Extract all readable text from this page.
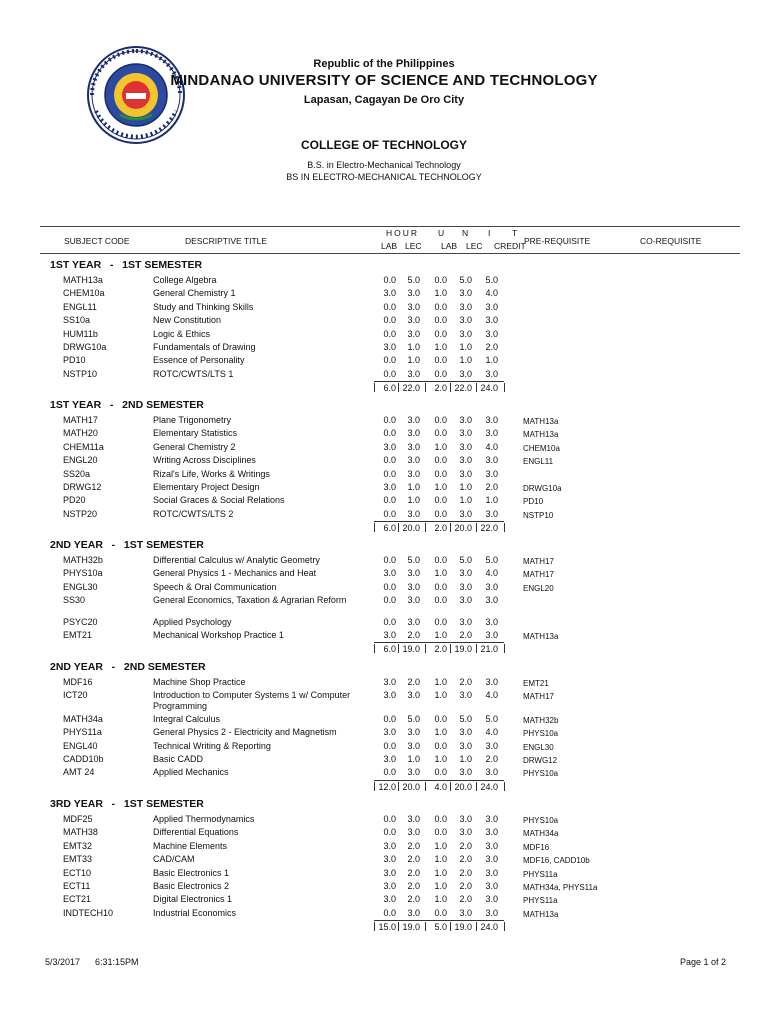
Republic of the Philippines
MINDANAO UNIVERSITY OF SCIENCE AND TECHNOLOGY
Lapasan, Cagayan De Oro City
COLLEGE OF TECHNOLOGY
B.S. in Electro-Mechanical Technology
BS IN ELECTRO-MECHANICAL TECHNOLOGY
SUBJECT CODE	DESCRIPTIVE TITLE
HOUR U N I	T
LAB LEC LAB LEC CREDIT
PRE-REQUISITE	CO-REQUISITE
1ST YEAR   -   1ST SEMESTER
MATH13a	College Algebra	0.0	5.0	0.0	5.0	5.0
CHEM10a	General Chemistry 1	3.0	3.0	1.0	3.0	4.0
ENGL11	Study and Thinking Skills	0.0	3.0	0.0	3.0	3.0
SS10a	New Constitution	0.0	3.0	0.0	3.0	3.0
HUM11b	Logic & Ethics	0.0	3.0	0.0	3.0	3.0
DRWG10a	Fundamentals of Drawing	3.0	1.0	1.0	1.0	2.0
PD10	Essence of Personality	0.0	1.0	0.0	1.0	1.0
NSTP10	ROTC/CWTS/LTS 1	0.0	3.0	0.0	3.0	3.0
6.0 22.0	2.0 22.0 24.0
1ST YEAR   -   2ND SEMESTER
MATH17	Plane Trigonometry	0.0	3.0	0.0	3.0	3.0	MATH13a
MATH20	Elementary Statistics	0.0	3.0	0.0	3.0	3.0	MATH13a
CHEM11a	General Chemistry 2	3.0	3.0	1.0	3.0	4.0	CHEM10a
ENGL20	Writing Across Disciplines	0.0	3.0	0.0	3.0	3.0	ENGL11
SS20a	Rizal's Life, Works & Writings	0.0	3.0	0.0	3.0	3.0
DRWG12	Elementary Project Design	3.0	1.0	1.0	1.0	2.0	DRWG10a
PD20	Social Graces & Social Relations	0.0	1.0	0.0	1.0	1.0	PD10
NSTP20	ROTC/CWTS/LTS 2	0.0	3.0	0.0	3.0	3.0	NSTP10
6.0 20.0	2.0 20.0 22.0
2ND YEAR   -   1ST SEMESTER
MATH32b	Differential Calculus w/ Analytic Geometry	0.0	5.0	0.0	5.0	5.0	MATH17
PHYS10a	General Physics 1 - Mechanics and Heat	3.0	3.0	1.0	3.0	4.0	MATH17
ENGL30	Speech & Oral Communication	0.0	3.0	0.0	3.0	3.0	ENGL20
SS30	General Economics, Taxation & Agrarian Reform	0.0	3.0	0.0	3.0	3.0
PSYC20	Applied Psychology	0.0	3.0	0.0	3.0	3.0
EMT21	Mechanical Workshop Practice 1	3.0	2.0	1.0	2.0	3.0	MATH13a
6.0 19.0	2.0 19.0 21.0
2ND YEAR   -   2ND SEMESTER
MDF16	Machine Shop Practice	3.0	2.0	1.0	2.0	3.0	EMT21
ICT20	Introduction to Computer Systems 1 w/ Computer Programming
3.0	3.0	1.0	3.0	4.0	MATH17
MATH34a	Integral Calculus	0.0	5.0	0.0	5.0	5.0	MATH32b
PHYS11a	General Physics 2 - Electricity and Magnetism	3.0	3.0	1.0	3.0	4.0	PHYS10a
ENGL40	Technical Writing & Reporting	0.0	3.0	0.0	3.0	3.0	ENGL30
CADD10b	Basic CADD	3.0	1.0	1.0	1.0	2.0	DRWG12
AMT 24	Applied Mechanics	0.0	3.0	0.0	3.0	3.0	PHYS10a
12.0 20.0	4.0 20.0 24.0
3RD YEAR   -   1ST SEMESTER
MDF25	Applied Thermodynamics	0.0	3.0	0.0	3.0	3.0	PHYS10a
MATH38	Differential Equations	0.0	3.0	0.0	3.0	3.0	MATH34a
EMT32	Machine Elements	3.0	2.0	1.0	2.0	3.0	MDF16
EMT33	CAD/CAM	3.0	2.0	1.0	2.0	3.0	MDF16, CADD10b
ECT10	Basic Electronics 1	3.0	2.0	1.0	2.0	3.0	PHYS11a
ECT11	Basic Electronics 2	3.0	2.0	1.0	2.0	3.0	MATH34a, PHYS11a
ECT21	Digital Electronics 1	3.0	2.0	1.0	2.0	3.0	PHYS11a
INDTECH10	Industrial Economics	0.0	3.0	0.0	3.0	3.0	MATH13a
15.0 19.0	5.0 19.0 24.0
5/3/2017 6:31:15PM	Page 1 of 2
